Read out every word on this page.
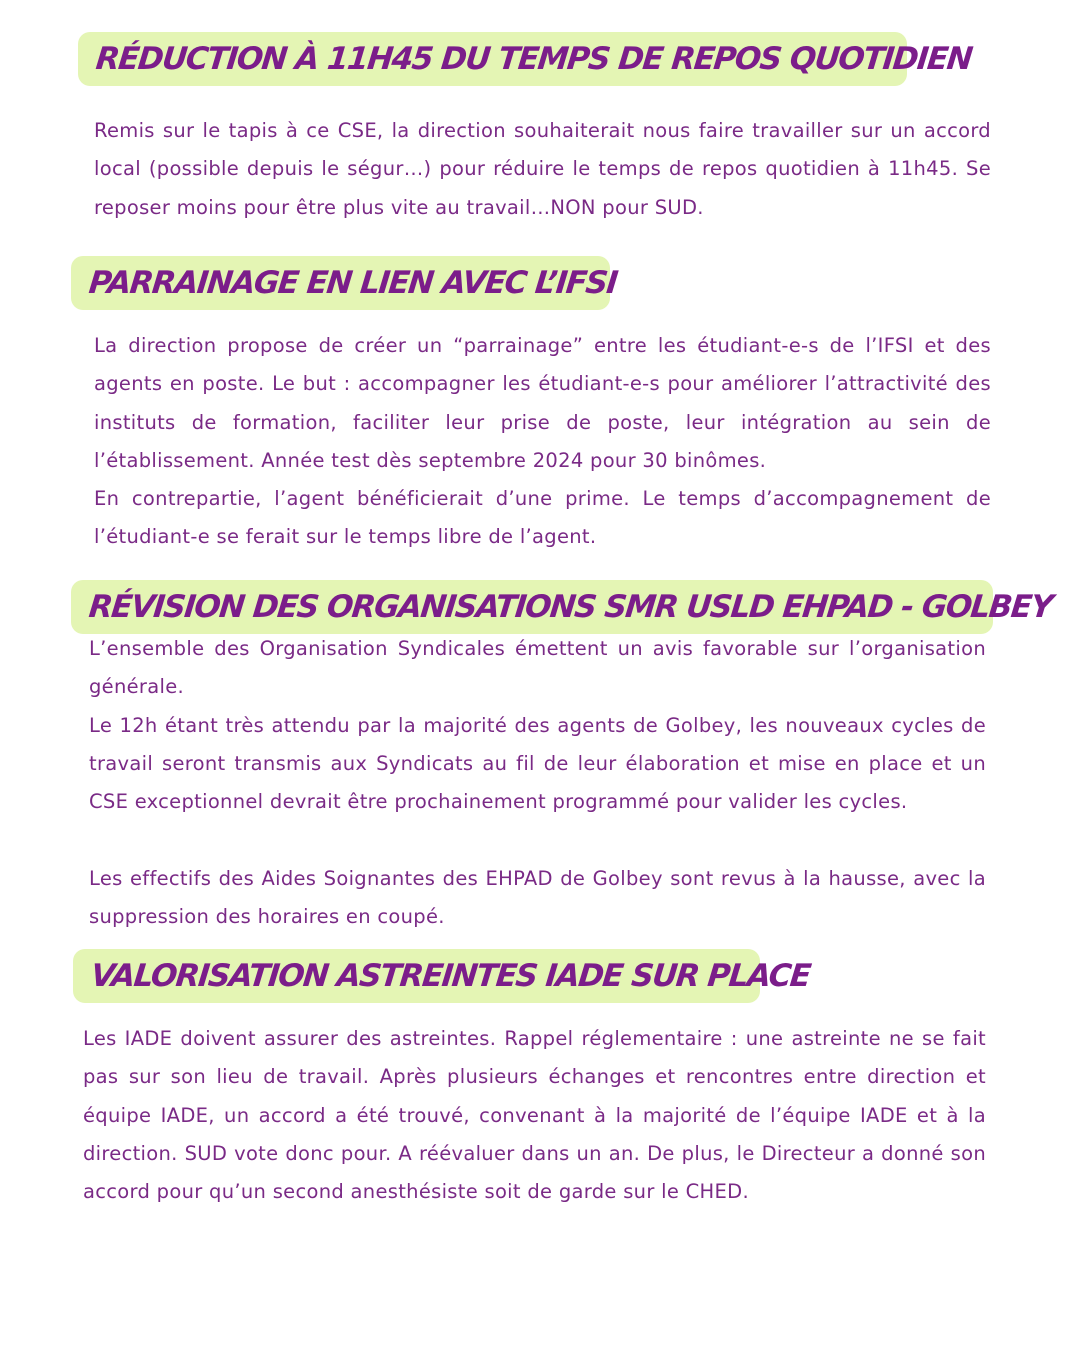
RÉDUCTION À 11H45 DU TEMPS DE REPOS QUOTIDIEN

Remis sur le tapis à ce CSE, la direction souhaiterait nous faire travailler sur un accord local (possible depuis le ségur…) pour réduire le temps de repos quotidien à 11h45. Se reposer moins pour être plus vite au travail…NON pour SUD.

PARRAINAGE EN LIEN AVEC L’IFSI

La direction propose de créer un “parrainage” entre les étudiant-e-s de l’IFSI et des agents en poste. Le but : accompagner les étudiant-e-s pour améliorer l’attractivité des instituts de formation, faciliter leur prise de poste, leur intégration au sein de l’établissement. Année test dès septembre 2024 pour 30 binômes.

En contrepartie, l’agent bénéficierait d’une prime. Le temps d’accompagnement de l’étudiant-e se ferait sur le temps libre de l’agent.

RÉVISION DES ORGANISATIONS SMR USLD EHPAD - GOLBEY

L’ensemble des Organisation Syndicales émettent un avis favorable sur l’organisation générale.

Le 12h étant très attendu par la majorité des agents de Golbey, les nouveaux cycles de travail seront transmis aux Syndicats au fil de leur élaboration et mise en place et un CSE exceptionnel devrait être prochainement programmé pour valider les cycles.

Les effectifs des Aides Soignantes des EHPAD de Golbey sont revus à la hausse, avec la suppression des horaires en coupé.

VALORISATION ASTREINTES IADE SUR PLACE

Les IADE doivent assurer des astreintes. Rappel réglementaire : une astreinte ne se fait pas sur son lieu de travail. Après plusieurs échanges et rencontres entre direction et équipe IADE, un accord a été trouvé, convenant à la majorité de l’équipe IADE et à la direction. SUD vote donc pour. A réévaluer dans un an. De plus, le Directeur a donné son accord pour qu’un second anesthésiste soit de garde sur le CHED.
